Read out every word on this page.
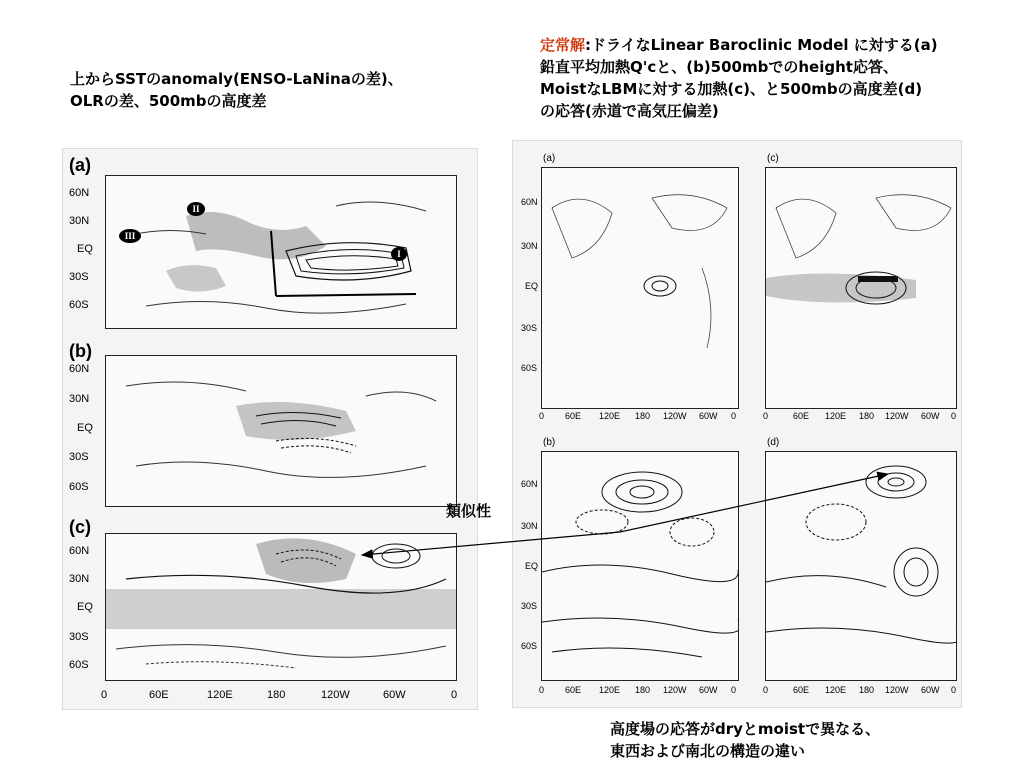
上からSSTのanomaly(ENSO-LaNinaの差)、
OLRの差、500mbの高度差
定常解:ドライなLinear Baroclinic Model に対する(a)
鉛直平均加熱Q'cと、(b)500mbでのheight応答、
MoistなLBMに対する加熱(c)、と500mbの高度差(d)
の応答(赤道で高気圧偏差)
(a)
60N
30N
EQ
30S
60S
II
III
I
(b)
60N
30N
EQ
30S
60S
(c)
60N
30N
EQ
30S
60S
0	60E	120E	180	120W	60W	0
(a)	(c)
60N
30N
EQ
30S
60S
0 60E 120E 180 120W 60W 0	0	60E 120E 180 120W 60W 0
(b)	(d)
60N
30N
EQ
30S
60S
0 60E 120E 180 120W 60W 0	0	60E 120E 180 120W 60W 0
類似性
高度場の応答がdryとmoistで異なる、
東西および南北の構造の違い
